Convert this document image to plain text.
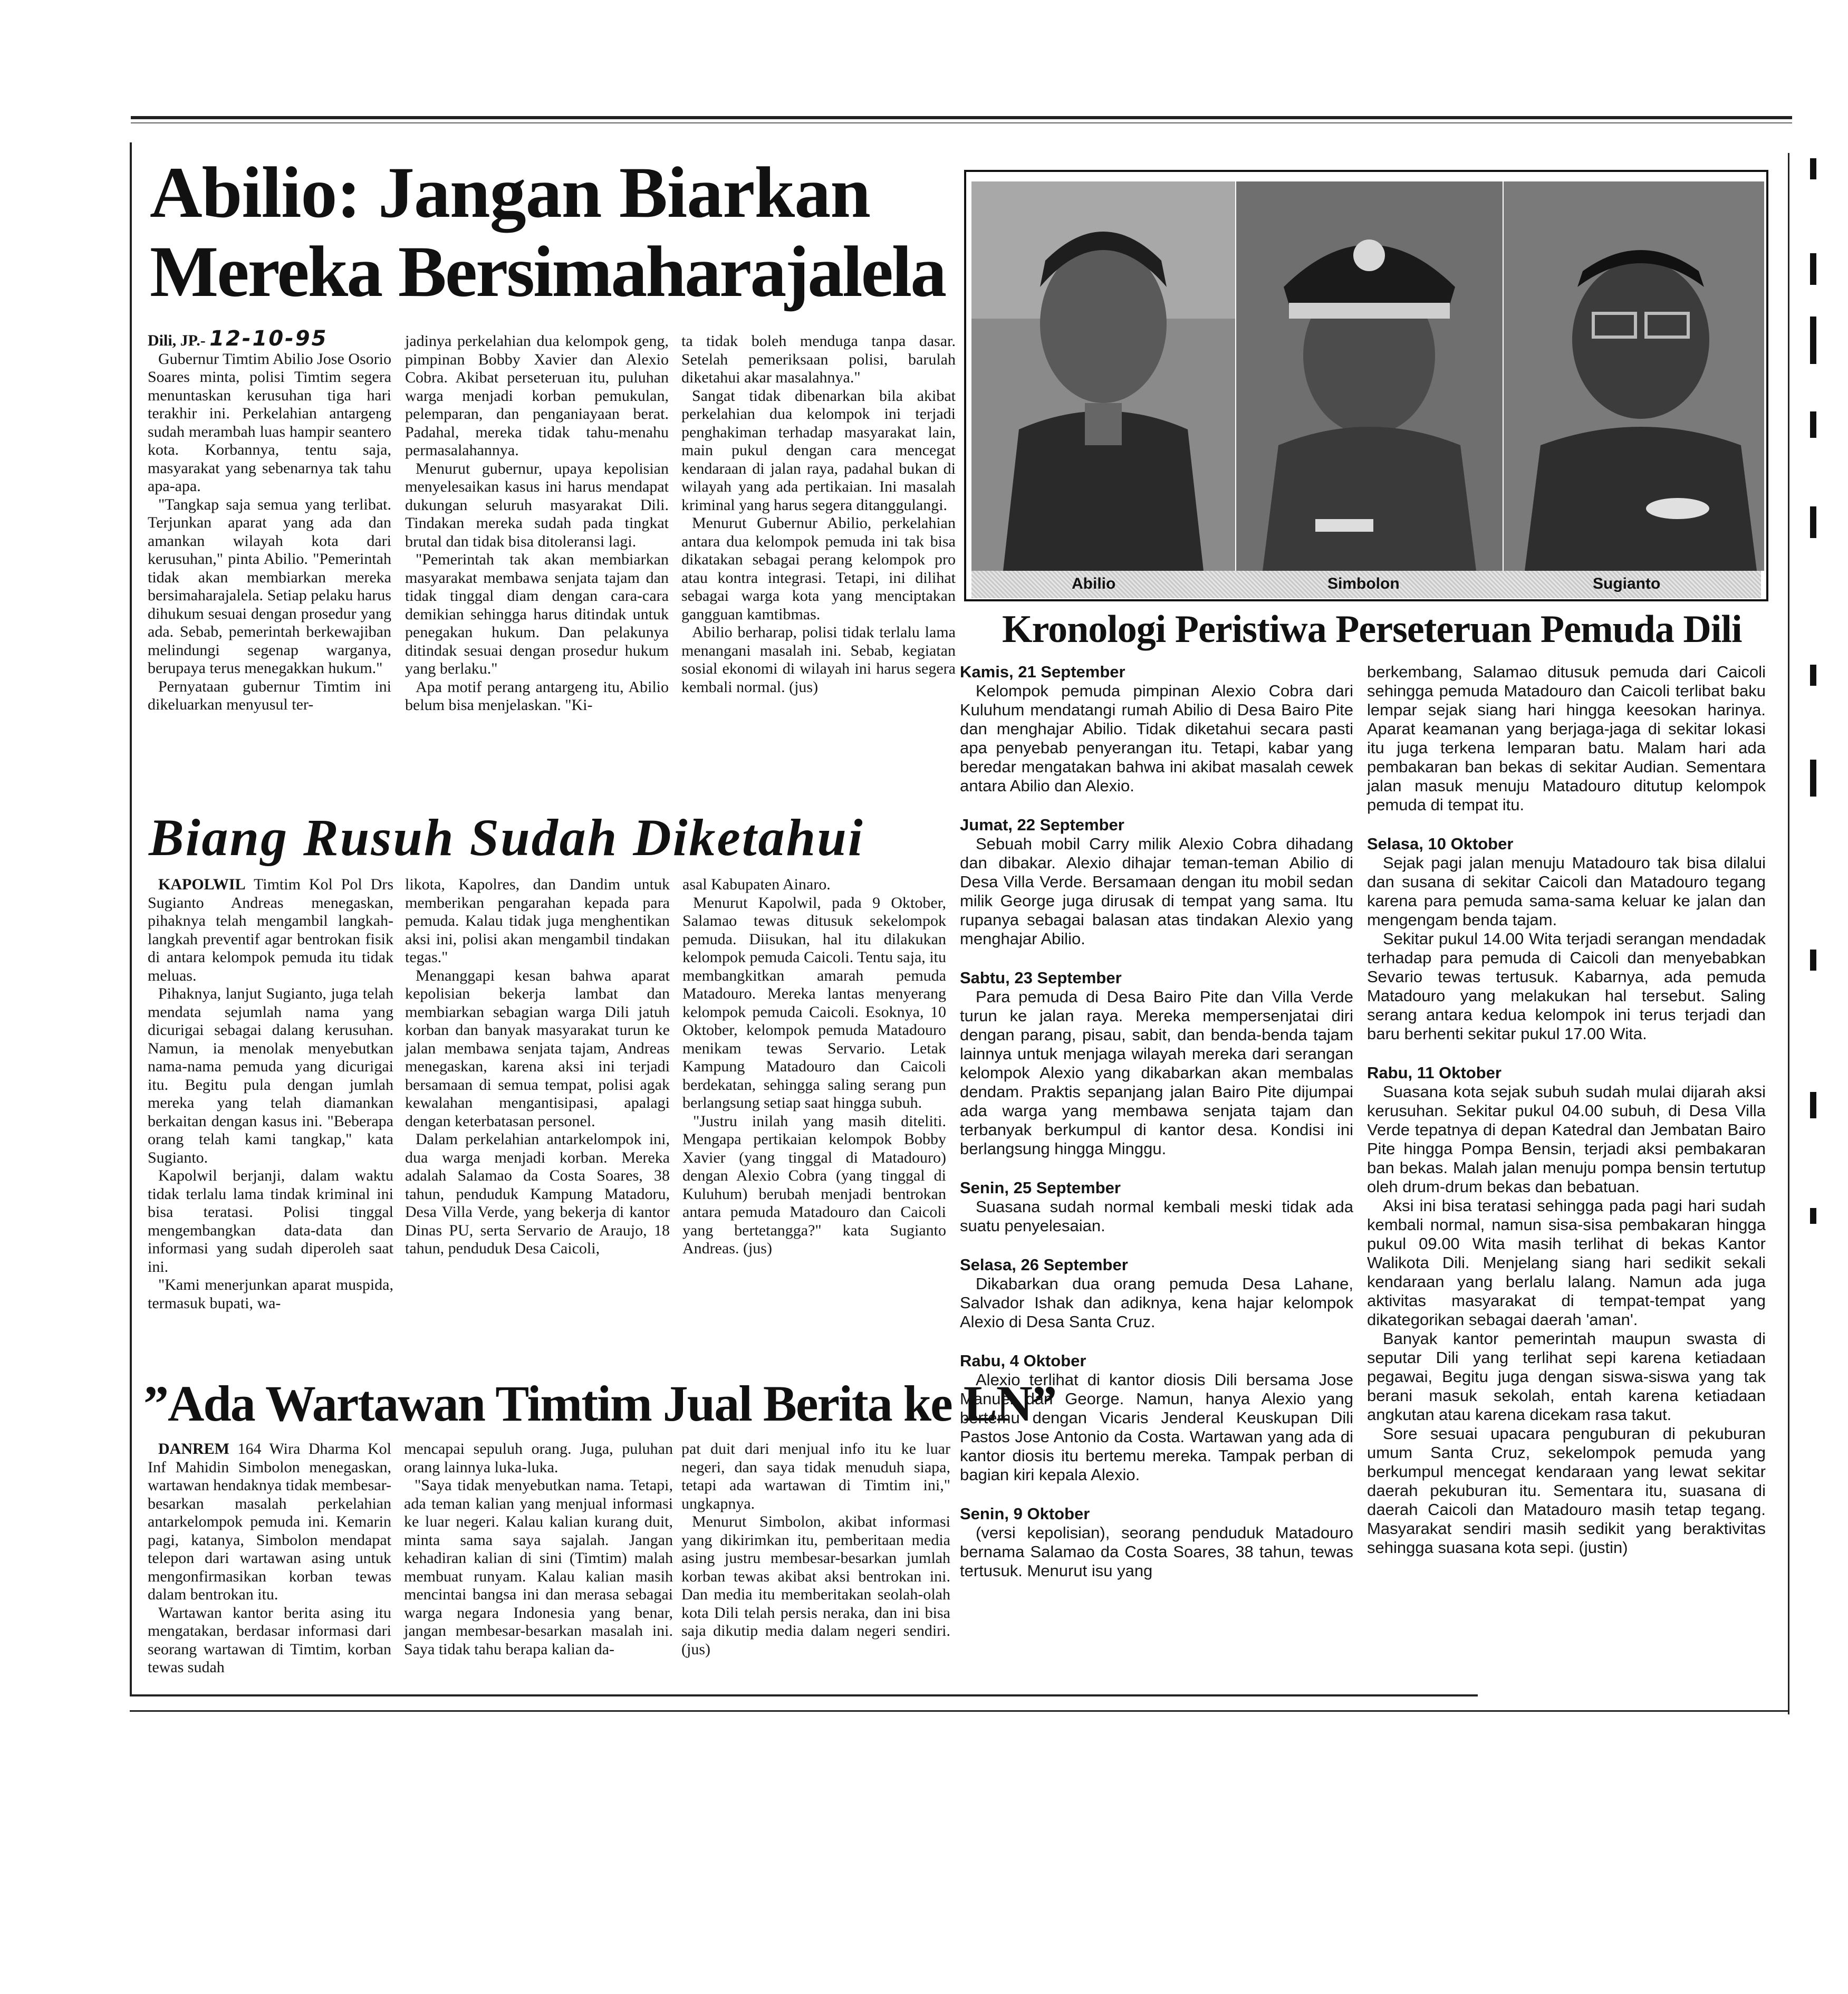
Abilio: Jangan Biarkan
Mereka Bersimaharajalela

Dili, JP.- 12-10-95

Gubernur Timtim Abilio Jose Osorio Soares minta, polisi Timtim segera menuntaskan kerusuhan tiga hari terakhir ini. Perkelahian antargeng sudah merambah luas hampir seantero kota. Korbannya, tentu saja, masyarakat yang sebenarnya tak tahu apa-apa.

"Tangkap saja semua yang terlibat. Terjunkan aparat yang ada dan amankan wilayah kota dari kerusuhan," pinta Abilio. "Pemerintah tidak akan membiarkan mereka bersimaharajalela. Setiap pelaku harus dihukum sesuai dengan prosedur yang ada. Sebab, pemerintah berkewajiban melindungi segenap warganya, berupaya terus menegakkan hukum."

Pernyataan gubernur Timtim ini dikeluarkan menyusul ter-

jadinya perkelahian dua kelompok geng, pimpinan Bobby Xavier dan Alexio Cobra. Akibat perseteruan itu, puluhan warga menjadi korban pemukulan, pelemparan, dan penganiayaan berat. Padahal, mereka tidak tahu-menahu permasalahannya.

Menurut gubernur, upaya kepolisian menyelesaikan kasus ini harus mendapat dukungan seluruh masyarakat Dili. Tindakan mereka sudah pada tingkat brutal dan tidak bisa ditoleransi lagi.

"Pemerintah tak akan membiarkan masyarakat membawa senjata tajam dan tidak tinggal diam dengan cara-cara demikian sehingga harus ditindak untuk penegakan hukum. Dan pelakunya ditindak sesuai dengan prosedur hukum yang berlaku."

Apa motif perang antargeng itu, Abilio belum bisa menjelaskan. "Ki-

ta tidak boleh menduga tanpa dasar. Setelah pemeriksaan polisi, barulah diketahui akar masalahnya."

Sangat tidak dibenarkan bila akibat perkelahian dua kelompok ini terjadi penghakiman terhadap masyarakat lain, main pukul dengan cara mencegat kendaraan di jalan raya, padahal bukan di wilayah yang ada pertikaian. Ini masalah kriminal yang harus segera ditanggulangi.

Menurut Gubernur Abilio, perkelahian antara dua kelompok pemuda ini tak bisa dikatakan sebagai perang kelompok pro atau kontra integrasi. Tetapi, ini dilihat sebagai warga kota yang menciptakan gangguan kamtibmas.

Abilio berharap, polisi tidak terlalu lama menangani masalah ini. Sebab, kegiatan sosial ekonomi di wilayah ini harus segera kembali normal. (jus)

Abilio	Simbolon	Sugianto
Kronologi Peristiwa Perseteruan Pemuda Dili

Kamis, 21 September

Kelompok pemuda pimpinan Alexio Cobra dari Kuluhum mendatangi rumah Abilio di Desa Bairo Pite dan menghajar Abilio. Tidak diketahui secara pasti apa penyebab penyerangan itu. Tetapi, kabar yang beredar mengatakan bahwa ini akibat masalah cewek antara Abilio dan Alexio.

Jumat, 22 September

Sebuah mobil Carry milik Alexio Cobra dihadang dan dibakar. Alexio dihajar teman-teman Abilio di Desa Villa Verde. Bersamaan dengan itu mobil sedan milik George juga dirusak di tempat yang sama. Itu rupanya sebagai balasan atas tindakan Alexio yang menghajar Abilio.

Sabtu, 23 September

Para pemuda di Desa Bairo Pite dan Villa Verde turun ke jalan raya. Mereka mempersenjatai diri dengan parang, pisau, sabit, dan benda-benda tajam lainnya untuk menjaga wilayah mereka dari serangan kelompok Alexio yang dikabarkan akan membalas dendam. Praktis sepanjang jalan Bairo Pite dijumpai ada warga yang membawa senjata tajam dan terbanyak berkumpul di kantor desa. Kondisi ini berlangsung hingga Minggu.

Senin, 25 September

Suasana sudah normal kembali meski tidak ada suatu penyelesaian.

Selasa, 26 September

Dikabarkan dua orang pemuda Desa Lahane, Salvador Ishak dan adiknya, kena hajar kelompok Alexio di Desa Santa Cruz.

Rabu, 4 Oktober

Alexio terlihat di kantor diosis Dili bersama Jose Manuel dan George. Namun, hanya Alexio yang bertemu dengan Vicaris Jenderal Keuskupan Dili Pastos Jose Antonio da Costa. Wartawan yang ada di kantor diosis itu bertemu mereka. Tampak perban di bagian kiri kepala Alexio.

Senin, 9 Oktober

(versi kepolisian), seorang penduduk Matadouro bernama Salamao da Costa Soares, 38 tahun, tewas tertusuk. Menurut isu yang

berkembang, Salamao ditusuk pemuda dari Caicoli sehingga pemuda Matadouro dan Caicoli terlibat baku lempar sejak siang hari hingga keesokan harinya. Aparat keamanan yang berjaga-jaga di sekitar lokasi itu juga terkena lemparan batu. Malam hari ada pembakaran ban bekas di sekitar Audian. Sementara jalan masuk menuju Matadouro ditutup kelompok pemuda di tempat itu.

Selasa, 10 Oktober

Sejak pagi jalan menuju Matadouro tak bisa dilalui dan susana di sekitar Caicoli dan Matadouro tegang karena para pemuda sama-sama keluar ke jalan dan mengengam benda tajam.

Sekitar pukul 14.00 Wita terjadi serangan mendadak terhadap para pemuda di Caicoli dan menyebabkan Sevario tewas tertusuk. Kabarnya, ada pemuda Matadouro yang melakukan hal tersebut. Saling serang antara kedua kelompok ini terus terjadi dan baru berhenti sekitar pukul 17.00 Wita.

Rabu, 11 Oktober

Suasana kota sejak subuh sudah mulai dijarah aksi kerusuhan. Sekitar pukul 04.00 subuh, di Desa Villa Verde tepatnya di depan Katedral dan Jembatan Bairo Pite hingga Pompa Bensin, terjadi aksi pembakaran ban bekas. Malah jalan menuju pompa bensin tertutup oleh drum-drum bekas dan bebatuan.

Aksi ini bisa teratasi sehingga pada pagi hari sudah kembali normal, namun sisa-sisa pembakaran hingga pukul 09.00 Wita masih terlihat di bekas Kantor Walikota Dili. Menjelang siang hari sedikit sekali kendaraan yang berlalu lalang. Namun ada juga aktivitas masyarakat di tempat-tempat yang dikategorikan sebagai daerah 'aman'.

Banyak kantor pemerintah maupun swasta di seputar Dili yang terlihat sepi karena ketiadaan pegawai, Begitu juga dengan siswa-siswa yang tak berani masuk sekolah, entah karena ketiadaan angkutan atau karena dicekam rasa takut.

Sore sesuai upacara penguburan di pekuburan umum Santa Cruz, sekelompok pemuda yang berkumpul mencegat kendaraan yang lewat sekitar daerah pekuburan itu. Sementara itu, suasana di daerah Caicoli dan Matadouro masih tetap tegang. Masyarakat sendiri masih sedikit yang beraktivitas sehingga suasana kota sepi. (justin)

Biang Rusuh Sudah Diketahui

KAPOLWIL Timtim Kol Pol Drs Sugianto Andreas menegaskan, pihaknya telah mengambil langkah-langkah preventif agar bentrokan fisik di antara kelompok pemuda itu tidak meluas.

Pihaknya, lanjut Sugianto, juga telah mendata sejumlah nama yang dicurigai sebagai dalang kerusuhan. Namun, ia menolak menyebutkan nama-nama pemuda yang dicurigai itu. Begitu pula dengan jumlah mereka yang telah diamankan berkaitan dengan kasus ini. "Beberapa orang telah kami tangkap," kata Sugianto.

Kapolwil berjanji, dalam waktu tidak terlalu lama tindak kriminal ini bisa teratasi. Polisi tinggal mengembangkan data-data dan informasi yang sudah diperoleh saat ini.

"Kami menerjunkan aparat muspida, termasuk bupati, wa-

likota, Kapolres, dan Dandim untuk memberikan pengarahan kepada para pemuda. Kalau tidak juga menghentikan aksi ini, polisi akan mengambil tindakan tegas."

Menanggapi kesan bahwa aparat kepolisian bekerja lambat dan membiarkan sebagian warga Dili jatuh korban dan banyak masyarakat turun ke jalan membawa senjata tajam, Andreas menegaskan, karena aksi ini terjadi bersamaan di semua tempat, polisi agak kewalahan mengantisipasi, apalagi dengan keterbatasan personel.

Dalam perkelahian antarkelompok ini, dua warga menjadi korban. Mereka adalah Salamao da Costa Soares, 38 tahun, penduduk Kampung Matadoru, Desa Villa Verde, yang bekerja di kantor Dinas PU, serta Servario de Araujo, 18 tahun, penduduk Desa Caicoli,

asal Kabupaten Ainaro.

Menurut Kapolwil, pada 9 Oktober, Salamao tewas ditusuk sekelompok pemuda. Diisukan, hal itu dilakukan kelompok pemuda Caicoli. Tentu saja, itu membangkitkan amarah pemuda Matadouro. Mereka lantas menyerang kelompok pemuda Caicoli. Esoknya, 10 Oktober, kelompok pemuda Matadouro menikam tewas Servario. Letak Kampung Matadouro dan Caicoli berdekatan, sehingga saling serang pun berlangsung setiap saat hingga subuh.

"Justru inilah yang masih diteliti. Mengapa pertikaian kelompok Bobby Xavier (yang tinggal di Matadouro) dengan Alexio Cobra (yang tinggal di Kuluhum) berubah menjadi bentrokan antara pemuda Matadouro dan Caicoli yang bertetangga?" kata Sugianto Andreas. (jus)

”Ada Wartawan Timtim Jual Berita ke LN”

DANREM 164 Wira Dharma Kol Inf Mahidin Simbolon menegaskan, wartawan hendaknya tidak membesar-besarkan masalah perkelahian antarkelompok pemuda ini. Kemarin pagi, katanya, Simbolon mendapat telepon dari wartawan asing untuk mengonfirmasikan korban tewas dalam bentrokan itu.

Wartawan kantor berita asing itu mengatakan, berdasar informasi dari seorang wartawan di Timtim, korban tewas sudah

mencapai sepuluh orang. Juga, puluhan orang lainnya luka-luka.

"Saya tidak menyebutkan nama. Tetapi, ada teman kalian yang menjual informasi ke luar negeri. Kalau kalian kurang duit, minta sama saya sajalah. Jangan kehadiran kalian di sini (Timtim) malah membuat runyam. Kalau kalian masih mencintai bangsa ini dan merasa sebagai warga negara Indonesia yang benar, jangan membesar-besarkan masalah ini. Saya tidak tahu berapa kalian da-

pat duit dari menjual info itu ke luar negeri, dan saya tidak menuduh siapa, tetapi ada wartawan di Timtim ini," ungkapnya.

Menurut Simbolon, akibat informasi yang dikirimkan itu, pemberitaan media asing justru membesar-besarkan jumlah korban tewas akibat aksi bentrokan ini. Dan media itu memberitakan seolah-olah kota Dili telah persis neraka, dan ini bisa saja dikutip media dalam negeri sendiri. (jus)
